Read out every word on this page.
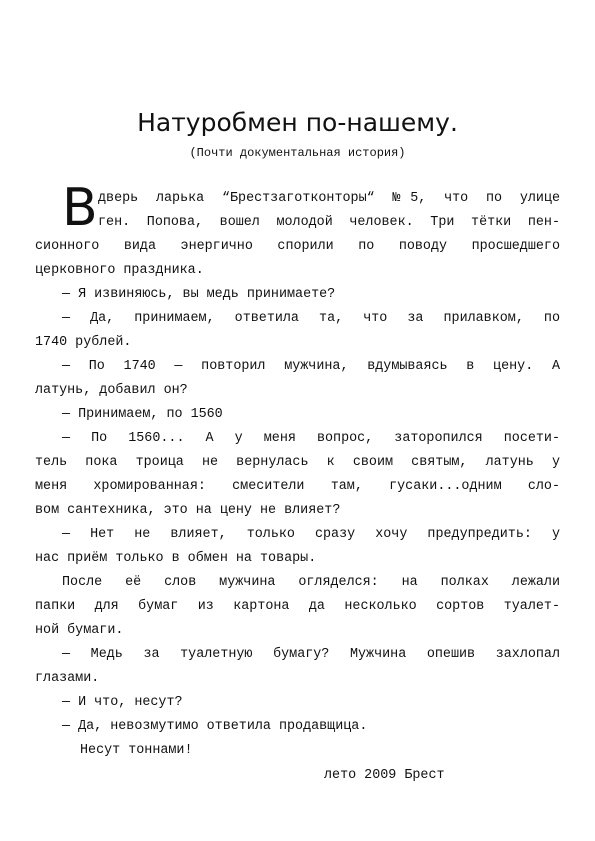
Натуробмен по-нашему.
(Почти документальная история)
В дверь ларька “Брестзаготконторы“ №5, что по улице
ген. Попова, вошел молодой человек. Три тётки пен-
сионного вида энергично спорили по поводу просшедшего
церковного праздника.
— Я извиняюсь, вы медь принимаете?
— Да, принимаем, ответила та, что за прилавком, по
1740 рублей.
— По 1740 — повторил мужчина, вдумываясь в цену. А
латунь, добавил он?
— Принимаем, по 1560
— По 1560... А у меня вопрос, заторопился посети-
тель пока троица не вернулась к своим святым, латунь у
меня хромированная: смесители там, гусаки...одним сло-
вом сантехника, это на цену не влияет?
— Нет не влияет, только сразу хочу предупредить: у
нас приём только в обмен на товары.
После её слов мужчина огляделся: на полках лежали
папки для бумаг из картона да несколько сортов туалет-
ной бумаги.
— Медь за туалетную бумагу? Мужчина опешив захлопал
глазами.
— И что, несут?
— Да, невозмутимо ответила продавщица.
Несут тоннами!
лето 2009 Брест
